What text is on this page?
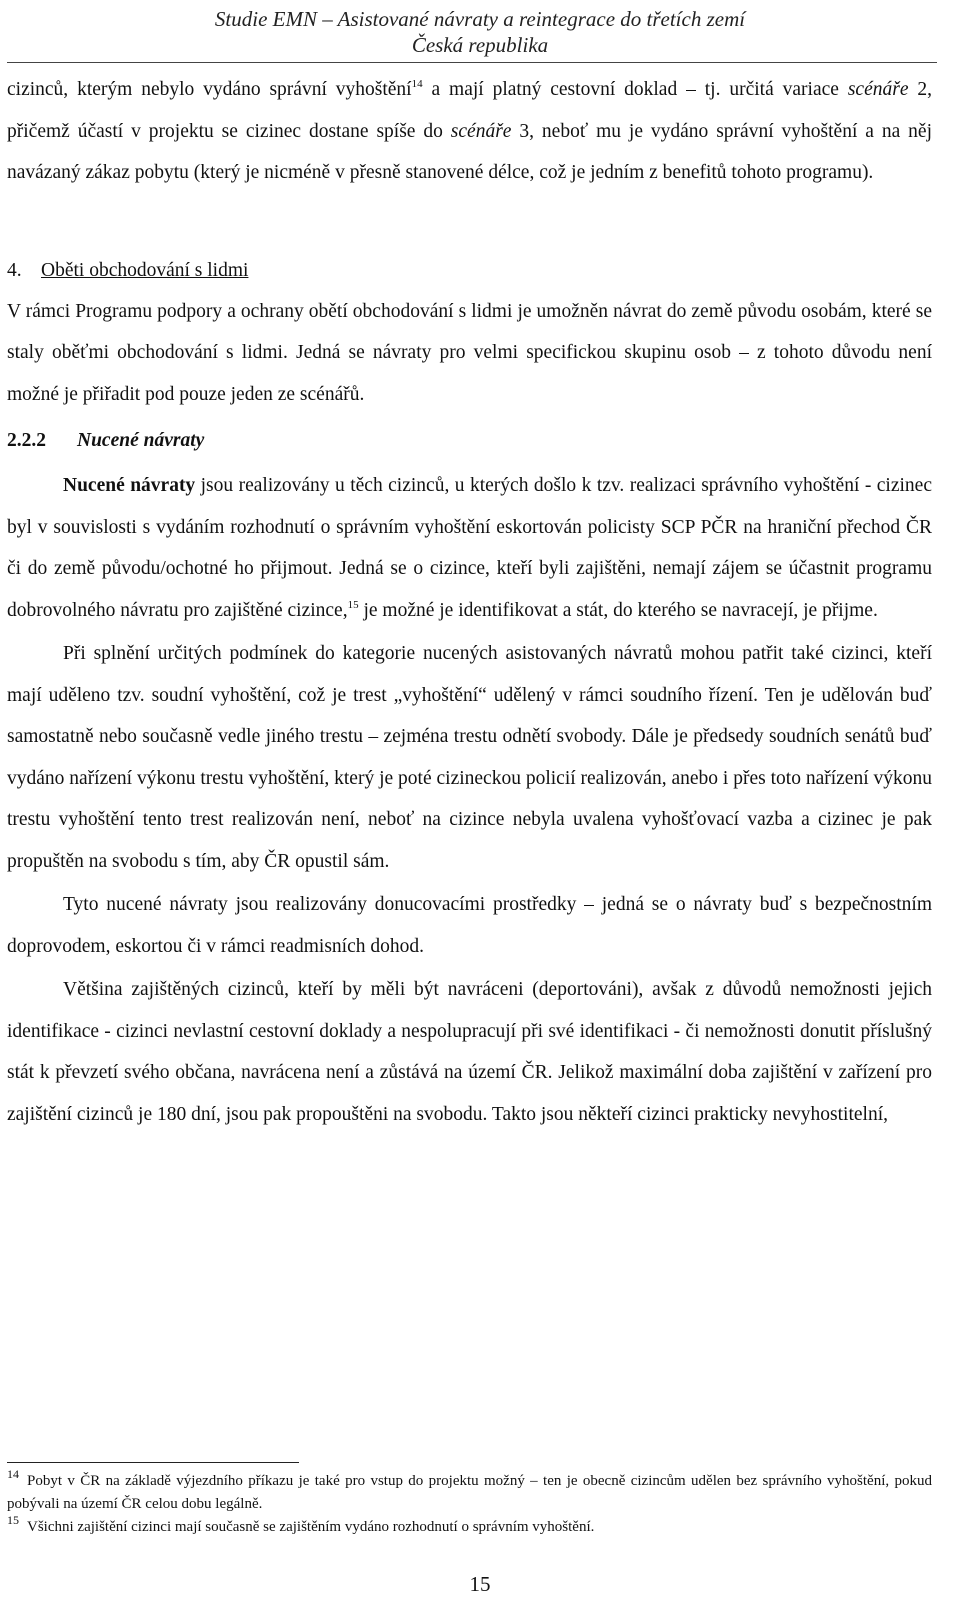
Studie EMN – Asistované návraty a reintegrace do třetích zemí
Česká republika

cizinců, kterým nebylo vydáno správní vyhoštění$^{14}$ a mají platný cestovní doklad – tj. určitá variace scénáře 2, přičemž účastí v projektu se cizinec dostane spíše do scénáře 3, neboť mu je vydáno správní vyhoštění a na něj navázaný zákaz pobytu (který je nicméně v přesně stanovené délce, což je jedním z benefitů tohoto programu).

4. Oběti obchodování s lidmi

V rámci Programu podpory a ochrany obětí obchodování s lidmi je umožněn návrat do země původu osobám, které se staly oběťmi obchodování s lidmi. Jedná se návraty pro velmi specifickou skupinu osob – z tohoto důvodu není možné je přiřadit pod pouze jeden ze scénářů.

2.2.2 Nucené návraty

Nucené návraty jsou realizovány u těch cizinců, u kterých došlo k tzv. realizaci správního vyhoštění - cizinec byl v souvislosti s vydáním rozhodnutí o správním vyhoštění eskortován policisty SCP PČR na hraniční přechod ČR či do země původu/ochotné ho přijmout. Jedná se o cizince, kteří byli zajištěni, nemají zájem se účastnit programu dobrovolného návratu pro zajištěné cizince,$^{15}$ je možné je identifikovat a stát, do kterého se navracejí, je přijme.

Při splnění určitých podmínek do kategorie nucených asistovaných návratů mohou patřit také cizinci, kteří mají uděleno tzv. soudní vyhoštění, což je trest „vyhoštění“ udělený v rámci soudního řízení. Ten je udělován buď samostatně nebo současně vedle jiného trestu – zejména trestu odnětí svobody. Dále je předsedy soudních senátů buď vydáno nařízení výkonu trestu vyhoštění, který je poté cizineckou policií realizován, anebo i přes toto nařízení výkonu trestu vyhoštění tento trest realizován není, neboť na cizince nebyla uvalena vyhošťovací vazba a cizinec je pak propuštěn na svobodu s tím, aby ČR opustil sám.

Tyto nucené návraty jsou realizovány donucovacími prostředky – jedná se o návraty buď s bezpečnostním doprovodem, eskortou či v rámci readmisních dohod.

Většina zajištěných cizinců, kteří by měli být navráceni (deportováni), avšak z důvodů nemožnosti jejich identifikace - cizinci nevlastní cestovní doklady a nespolupracují při své identifikaci - či nemožnosti donutit příslušný stát k převzetí svého občana, navrácena není a zůstává na území ČR. Jelikož maximální doba zajištění v zařízení pro zajištění cizinců je 180 dní, jsou pak propouštěni na svobodu. Takto jsou někteří cizinci prakticky nevyhostitelní,

$^{14}$ Pobyt v ČR na základě výjezdního příkazu je také pro vstup do projektu možný – ten je obecně cizincům udělen bez správního vyhoštění, pokud pobývali na území ČR celou dobu legálně.

$^{15}$ Všichni zajištění cizinci mají současně se zajištěním vydáno rozhodnutí o správním vyhoštění.

15
